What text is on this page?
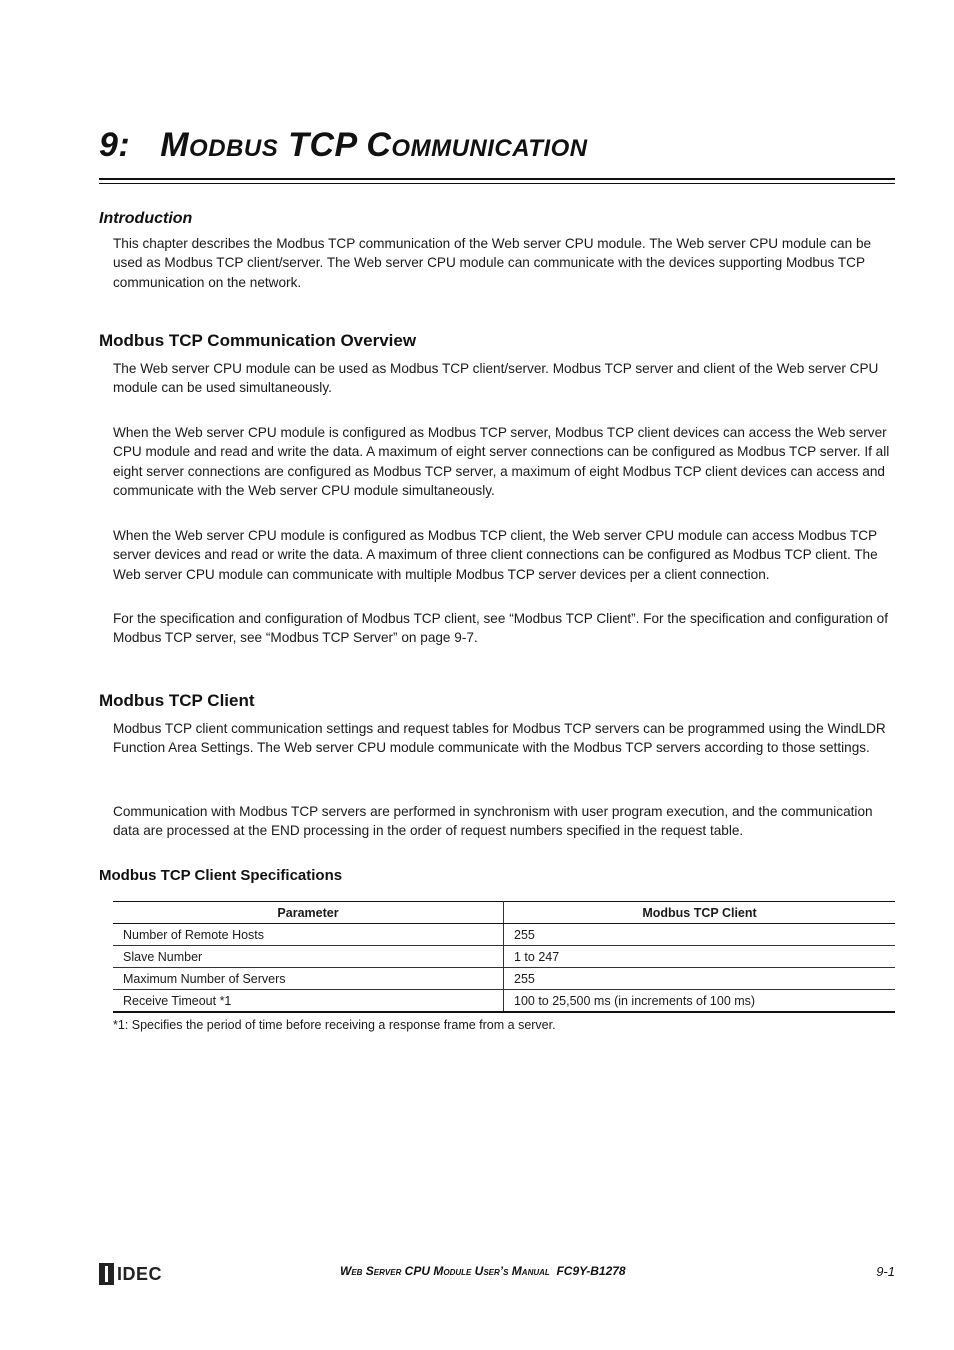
9: Modbus TCP Communication
Introduction

This chapter describes the Modbus TCP communication of the Web server CPU module. The Web server CPU module can be used as Modbus TCP client/server. The Web server CPU module can communicate with the devices supporting Modbus TCP communication on the network.

Modbus TCP Communication Overview

The Web server CPU module can be used as Modbus TCP client/server. Modbus TCP server and client of the Web server CPU module can be used simultaneously.

When the Web server CPU module is configured as Modbus TCP server, Modbus TCP client devices can access the Web server CPU module and read and write the data. A maximum of eight server connections can be configured as Modbus TCP server. If all eight server connections are configured as Modbus TCP server, a maximum of eight Modbus TCP client devices can access and communicate with the Web server CPU module simultaneously.

When the Web server CPU module is configured as Modbus TCP client, the Web server CPU module can access Modbus TCP server devices and read or write the data. A maximum of three client connections can be configured as Modbus TCP client. The Web server CPU module can communicate with multiple Modbus TCP server devices per a client connection.

For the specification and configuration of Modbus TCP client, see “Modbus TCP Client”. For the specification and configuration of Modbus TCP server, see “Modbus TCP Server” on page 9-7.

Modbus TCP Client

Modbus TCP client communication settings and request tables for Modbus TCP servers can be programmed using the WindLDR Function Area Settings. The Web server CPU module communicate with the Modbus TCP servers according to those settings.

Communication with Modbus TCP servers are performed in synchronism with user program execution, and the communication data are processed at the END processing in the order of request numbers specified in the request table.

Modbus TCP Client Specifications
Parameter	Modbus TCP Client
Number of Remote Hosts	255
Slave Number	1 to 247
Maximum Number of Servers	255
Receive Timeout *1	100 to 25,500 ms (in increments of 100 ms)

*1: Specifies the period of time before receiving a response frame from a server.

IDEC	Web Server CPU Module User’s Manual FC9Y-B1278	9-1
